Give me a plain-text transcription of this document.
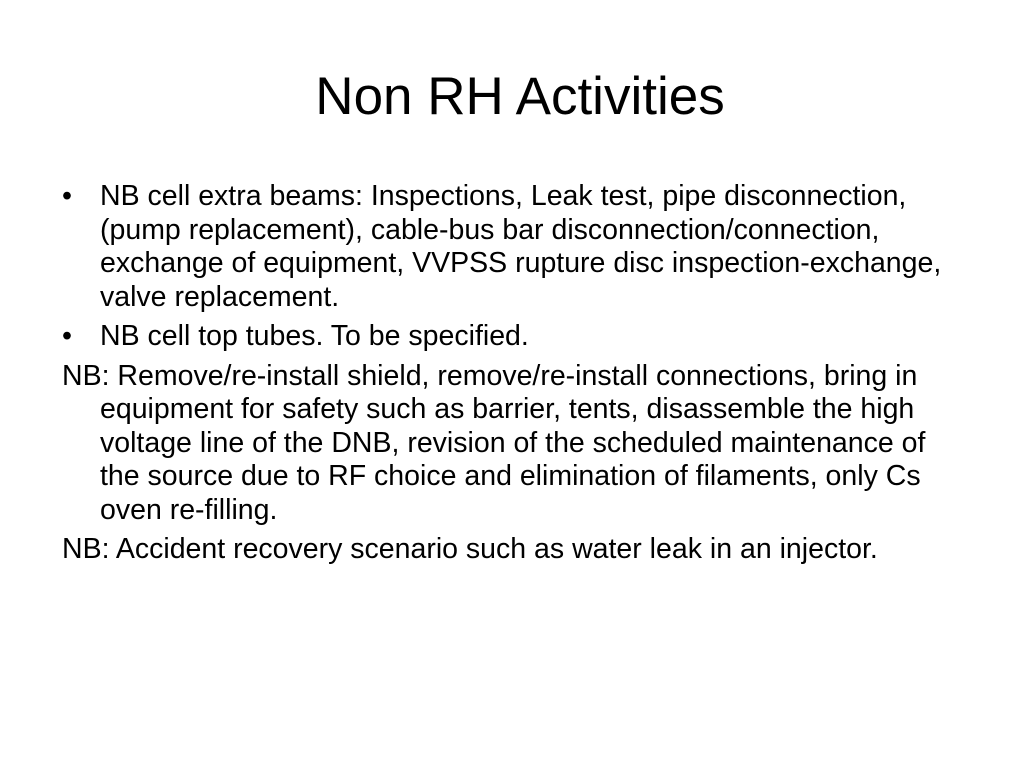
Non RH Activities
• NB cell extra beams: Inspections, Leak test, pipe disconnection, (pump replacement), cable-bus bar disconnection/connection, exchange of equipment, VVPSS rupture disc inspection-exchange, valve replacement.
• NB cell top tubes. To be specified.
NB: Remove/re-install shield, remove/re-install connections, bring in equipment for safety such as barrier, tents, disassemble the high voltage line of the DNB, revision of the scheduled maintenance of the source due to RF choice and elimination of filaments, only Cs oven re-filling.
NB: Accident recovery scenario such as water leak in an injector.
